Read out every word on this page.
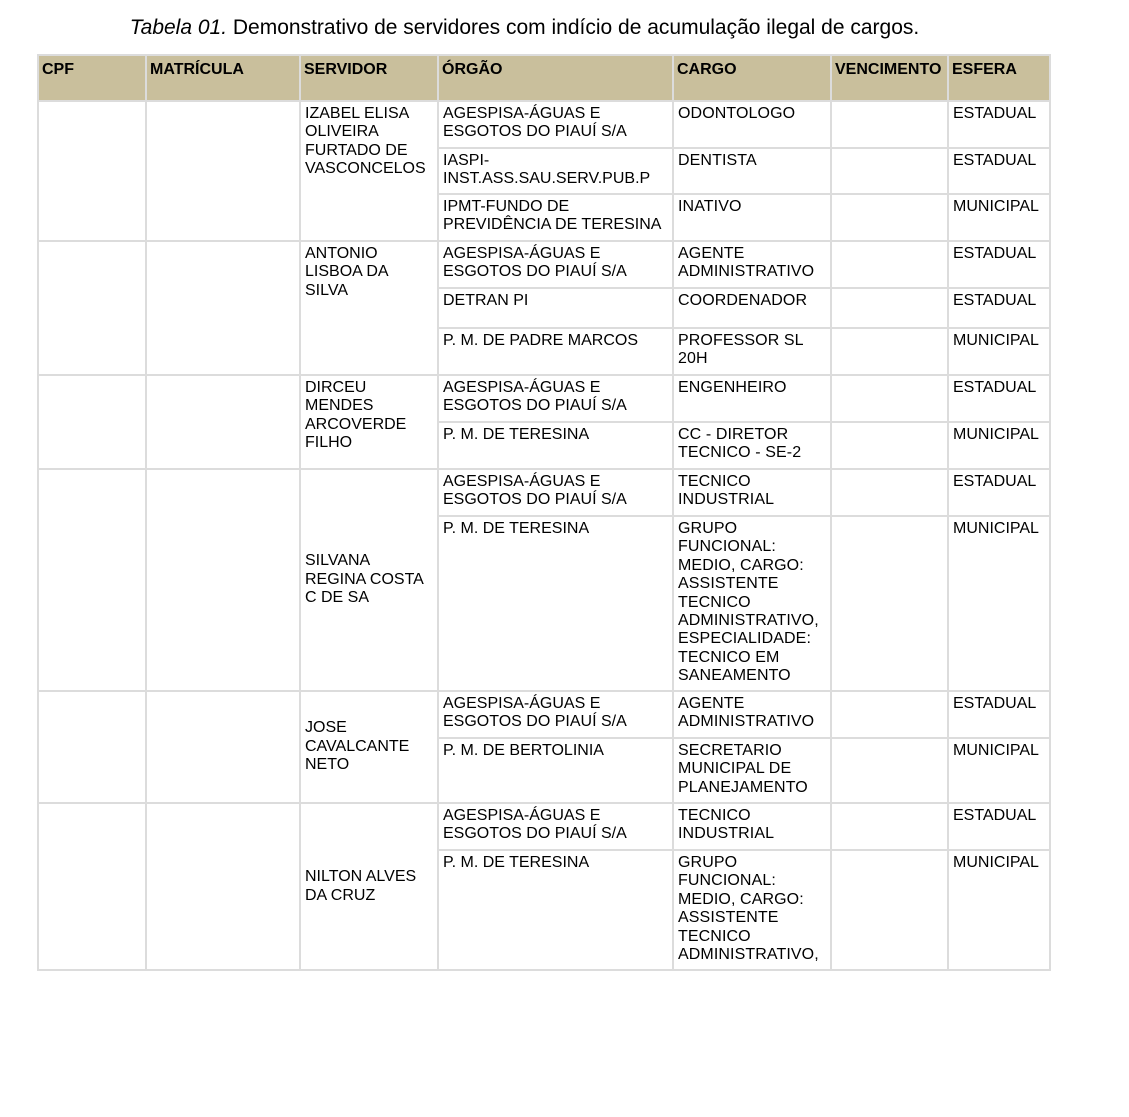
Tabela 01. Demonstrativo de servidores com indício de acumulação ilegal de cargos.
CPF	MATRÍCULA	SERVIDOR	ÓRGÃO	CARGO	VENCIMENTO	ESFERA
		IZABEL ELISA OLIVEIRA FURTADO DE VASCONCELOS	AGESPISA-ÁGUAS E ESGOTOS DO PIAUÍ S/A	ODONTOLOGO		ESTADUAL
			IASPI-INST.ASS.SAU.SERV.PUB.P	DENTISTA		ESTADUAL
			IPMT-FUNDO DE PREVIDÊNCIA DE TERESINA	INATIVO		MUNICIPAL
		ANTONIO LISBOA DA SILVA	AGESPISA-ÁGUAS E ESGOTOS DO PIAUÍ S/A	AGENTE ADMINISTRATIVO		ESTADUAL
			DETRAN PI	COORDENADOR		ESTADUAL
			P. M. DE PADRE MARCOS	PROFESSOR SL 20H		MUNICIPAL
		DIRCEU MENDES ARCOVERDE FILHO	AGESPISA-ÁGUAS E ESGOTOS DO PIAUÍ S/A	ENGENHEIRO		ESTADUAL
			P. M. DE TERESINA	CC - DIRETOR TECNICO - SE-2		MUNICIPAL
		SILVANA REGINA COSTA C DE SA	AGESPISA-ÁGUAS E ESGOTOS DO PIAUÍ S/A	TECNICO INDUSTRIAL		ESTADUAL
			P. M. DE TERESINA	GRUPO FUNCIONAL: MEDIO, CARGO: ASSISTENTE TECNICO ADMINISTRATIVO, ESPECIALIDADE: TECNICO EM SANEAMENTO		MUNICIPAL
		JOSE CAVALCANTE NETO	AGESPISA-ÁGUAS E ESGOTOS DO PIAUÍ S/A	AGENTE ADMINISTRATIVO		ESTADUAL
			P. M. DE BERTOLINIA	SECRETARIO MUNICIPAL DE PLANEJAMENTO		MUNICIPAL
		NILTON ALVES DA CRUZ	AGESPISA-ÁGUAS E ESGOTOS DO PIAUÍ S/A	TECNICO INDUSTRIAL		ESTADUAL
			P. M. DE TERESINA	GRUPO FUNCIONAL: MEDIO, CARGO: ASSISTENTE TECNICO ADMINISTRATIVO,		MUNICIPAL
